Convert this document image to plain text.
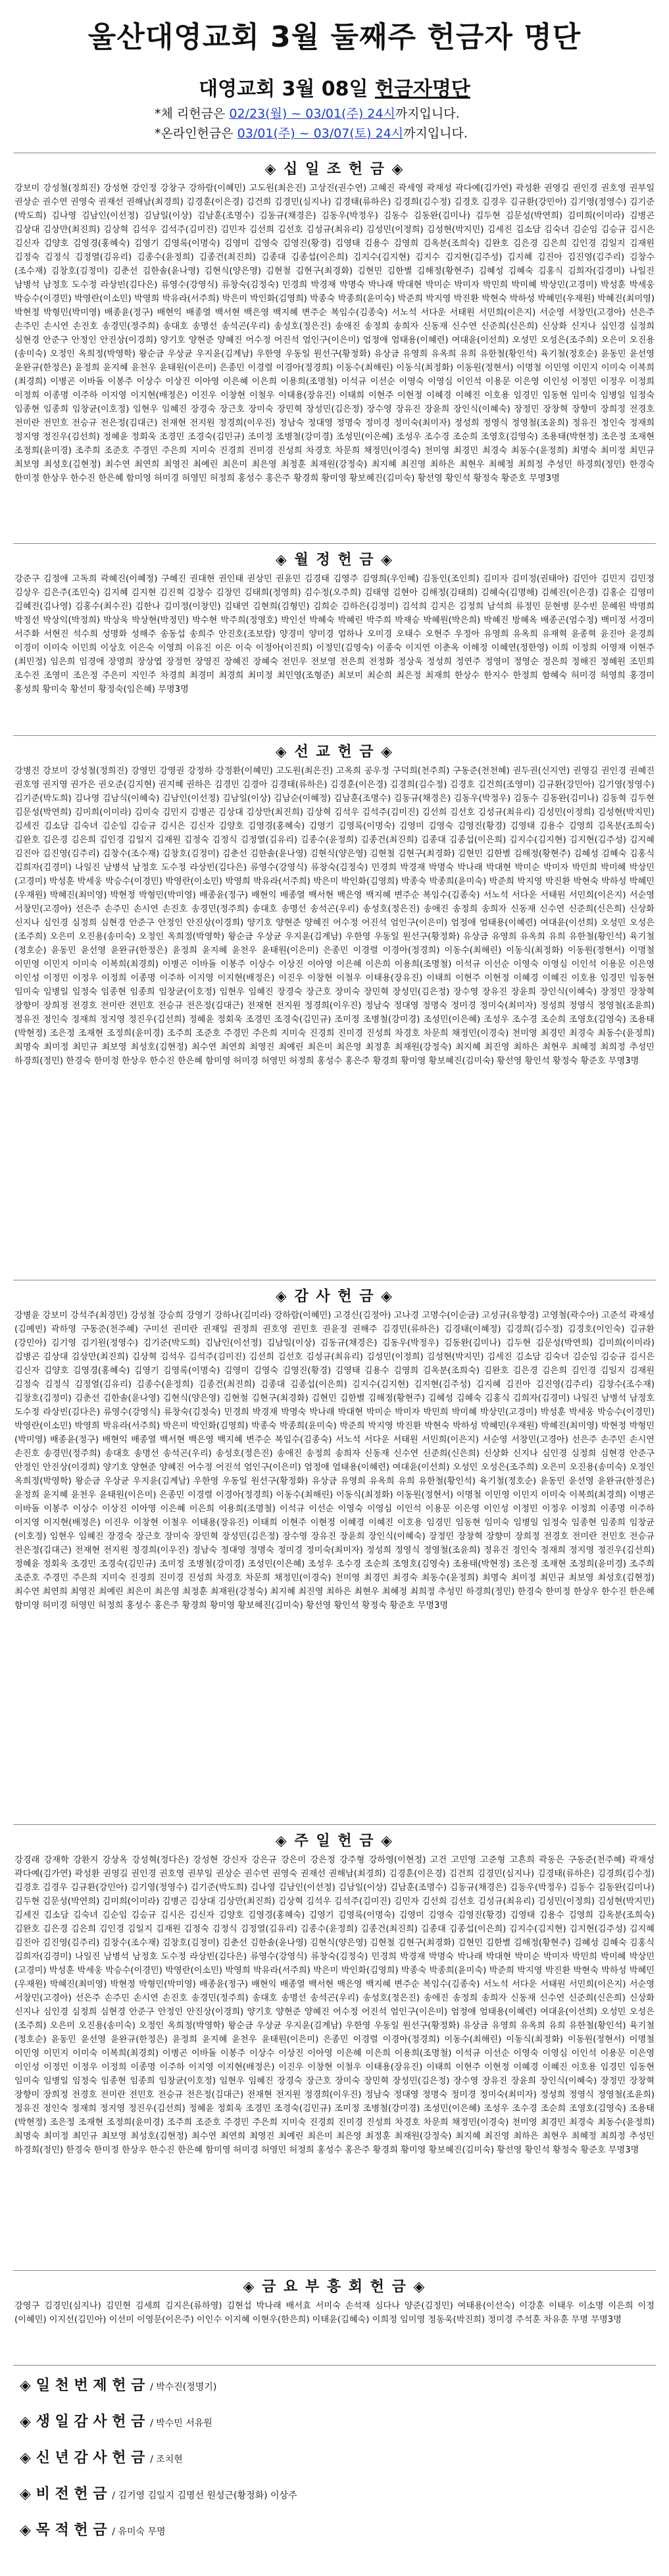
울산대영교회 3월 둘째주 헌금자 명단
대영교회 3월 08일 헌금자명단
*체 리헌금은 02/23(월) ~ 03/01(주) 24시까지입니다.
*온라인헌금은 03/01(주) ~ 03/07(토) 24시까지입니다.
◈ 십 일 조 헌 금 ◈
강보미 강성철(정희진) 강성현 강인정 강창구 강하람(이혜민) 고도원(최은진) 고상진(권수연) 고혜진 곽세영 곽재성 곽다예(김가연) 곽성환 권영길 권인경 권호영 권부일 권상순 권수연 권영숙 권재선 권해남(최경희) 김경훈(이은경) 김건희 김경민(심지나) 김경태(류하은) 김경희(김수정) 김경호 김경우 김규환(강민아) 김기영(정영수) 김기준(박도희) 김나영 김남인(이선정) 김남일(이상) 김남훈(조명수) 김동규(채경은) 김동우(박정우) 김동수 김동완(김미나) 김두현 김문성(박연희) 김미희(이미라) 김병곤 김상대 김상만(최진희) 김상혁 김석우 김석주(김미진) 김민자 김선희 김선호 김성규(최유리) 김성민(이정희) 김성현(박지민) 김세진 김소담 김숙녀 김순임 김승규 김시은 김신자 김양호 김영경(홍혜숙) 김영기 김영록(이명숙) 김영미 김영숙 김영진(황경) 김영태 김용수 김영희 김옥분(조희숙) 김완호 김은경 김은희 김인경 김일지 김재원 김정숙 김정식 김정열(김유리) 김종수(윤정희) 김종건(최진희) 김종대 김종섭(이은희) 김지수(김지현) 김지수 김지현(김주성) 김지혜 김진아 김진영(김주리) 김창수(조수재) 김창호(김정미) 김춘선 김한솔(윤나영) 김현식(양은영) 김현철 김현구(최경화) 김현민 김한별 김해정(황현주) 김혜성 김혜숙 김홍식 김희자(김경미) 나일진 남병석 남정호 도수정 라상빈(김다은) 류영수(강영식) 류창숙(김정숙) 민경희 박경재 박명숙 박나래 박대현 박미순 박미자 박민희 박미혜 박상민(고경미) 박성훈 박세웅 박승수(이경민) 박영란(이소민) 박영희 박유라(서주희) 박은미 박인화(김영희) 박종숙 박종희(윤미숙) 박준희 박지영 박진환 박현숙 박하성 박혜민(우재원) 박혜진(최미영) 박현정 박형민(박미영) 배종윤(정구) 배현익 배종열 백서현 백은영 백지혜 변주순 복임수(김종숙) 서노석 서다운 서태원 서민희(이은지) 서순영 서창민(고경아) 선은주 손주민 손시연 손진호 송경민(정주희) 송대호 송명선 송석곤(우리) 송성호(정은진) 송애진 송정희 송희자 신동재 신수연 신준희(신은희) 신상화 신지나 심인경 심정희 심현경 안준구 안정인 안진상(이경희) 양기호 양현준 양혜진 어수정 어진석 엄인구(이은미) 엄정애 엄태용(이혜련) 여대윤(이선희) 오성민 오성은(조주희) 오은미 오진용(송미숙) 오정인 옥희정(박영학) 왕순금 우상균 우지윤(김계남) 우한영 우동일 원선구(황정화) 유상금 유영희 유옥희 유희 유한철(황인석) 육기철(정호순) 윤동민 윤선영 윤완규(한정은) 윤정희 윤지혜 윤천우 윤태원(이은미) 은종민 이경렬 이경아(정경희) 이동수(최해린) 이동식(최정화) 이동원(정현서) 이명철 이민영 이민지 이미숙 이복희(최경희) 이병곤 이바돌 이봉주 이상수 이상진 이아영 이은혜 이은희 이용희(조명철) 이석규 이선순 이영숙 이영심 이인석 이용문 이은영 이인성 이정민 이정우 이정희 이정희 이종명 이주하 이지영 이지현(배정은) 이진우 이창현 이철우 이태용(장유진) 이태희 이현주 이현정 이혜경 이혜진 이호용 임경민 임동현 임미숙 임병일 임정숙 임종현 임종희 임창균(이호정) 임현우 임혜진 장경숙 장근호 장미숙 장민혁 장성민(김은정) 장수영 장유진 장윤희 장인식(이혜숙) 장정민 장창혁 장향미 장희정 전경호 전미란 전민호 전승규 전은정(김대근) 전재현 전지원 정경희(이우진) 정남숙 정대영 정명숙 정미경 정미숙(최미자) 정성희 정영식 정영철(조윤희) 정유진 정인숙 정재희 정지영 정진우(김선희) 정혜윤 정회욱 조경민 조경숙(김민규) 조미정 조병철(강미경) 조성민(이은혜) 조성우 조수경 조순희 조영호(김영숙) 조용태(박현정) 조은정 조재현 조정희(윤미경) 조주희 조준호 주경민 주은희 지미숙 진경희 진미경 진성희 차경호 차문희 채정민(이경숙) 천미영 최경민 최경숙 최동수(윤정희) 최명숙 최미정 최민규 최보영 최성호(김현정) 최수연 최연희 최영진 최예린 최은미 최은영 최정훈 최재원(강정숙) 최지혜 최진영 최하은 최현우 최혜정 최희정 추성민 하경희(정민) 한경숙 한미정 한상우 한수진 한은혜 함미영 허미경 허영민 허정희 홍성수 홍은주 황경희 황미영 황보혜진(김미숙) 황선영 황인석 황정숙 황준호 무명3명
◈ 월 정 헌 금 ◈
강준구 김정애 고독희 곽혜진(이혜정) 구혜진 권대현 권인태 권상민 권윤민 김경태 김영주 김영희(우인혜) 김동인(조인희) 김미자 김미정(권태아) 김민아 김민지 김민정 김상우 김은주(조민숙) 김지혜 김지현 김진혁 김창수 김창민 김태희(정영희) 김수정(오주희) 김태영 김현아 김해정(김태희) 김혜숙(김명해) 김혜진(이은경) 김홍순 김영미 김혜진(김나영) 김홍수(최수진) 김한나 김미정(이창민) 김태연 김현희(김형민) 김희순 김하은(김정미) 김석희 김지은 김정희 남석희 류정민 문현병 문수빈 문혜원 박명희 박정선 박상익(박정희) 박상욱 박상현(박정민) 박수현 박주희(정영호) 박인선 박혜숙 박혜린 박주희 박재승 박혜원(박은희) 박혜진 방혜옥 배종곤(엄수정) 백미정 서경미 서주화 서현진 석수희 성명화 성해주 송동섭 송희주 안진호(조보람) 양경미 양미경 엄하나 오미경 오태수 오현주 우정아 유영희 유옥희 유재혁 윤종혁 윤진아 윤경희 이경미 이미숙 이민희 이상호 이은숙 이영희 이유진 이은 이숙 이정아(이진희) 이정민(김영숙) 이종숙 이지연 이춘옥 이해정 이혜연(정한영) 이희 이정희 이영재 이현주(최민정) 임은희 임경애 장명희 장상엽 장정헌 장영진 장혜진 장혜숙 전민우 전보영 전은희 전정화 정상욱 정성희 정연주 정영미 정영순 정은희 정해진 정혜원 조민희 조수진 조영미 조은정 주은미 지인주 차경희 최경미 최경희 최미정 최민영(조형준) 최보미 최순희 최은정 최재희 한상수 한지수 한정희 함혜숙 허미경 허영희 홍경미 홍성희 황미숙 황선미 황정숙(임은혜) 무명3명
◈ 선 교 헌 금 ◈
강병진 강보미 강성철(정희진) 강영민 강영권 강정하 강정환(이혜민) 고도원(최은진) 고옥희 공우정 구덕희(천주희) 구동준(천천혜) 권두권(신지연) 권영길 권인경 권혜진 권호영 권지영 권가은 권오준(김지현) 권지혜 권하은 김경민 김경아 김경태(류하은) 김경훈(이은경) 김경희(김수정) 김경호 김건희(조영미) 김규환(강민아) 김기영(정영수) 김기준(박도희) 김나영 김남식(이혜숙) 김남인(이선정) 김남일(이상) 김남순(이혜정) 김남훈(조명수) 김동규(채경은) 김동우(박정우) 김동수 김동완(김미나) 김동혁 김두현 김문성(박연희) 김미희(이미라) 김미숙 김민지 김병곤 김상대 김상만(최진희) 김상혁 김석우 김석주(김미진) 김선희 김선호 김성규(최유리) 김성민(이정희) 김성현(박지민) 김세진 김소담 김숙녀 김순임 김승규 김시은 김신자 김양호 김영경(홍혜숙) 김영기 김영록(이명숙) 김영미 김영숙 김영진(황경) 김영태 김용수 김영희 김옥분(조희숙) 김완호 김은경 김은희 김인경 김일지 김재원 김정숙 김정식 김정열(김유리) 김종수(윤정희) 김종건(최진희) 김종대 김종섭(이은희) 김지수(김지현) 김지현(김주성) 김지혜 김진아 김진영(김주리) 김창수(조수재) 김창호(김정미) 김춘선 김한솔(윤나영) 김현식(양은영) 김현철 김현구(최경화) 김현민 김한별 김해정(황현주) 김혜성 김혜숙 김홍식 김희자(김경미) 나일진 남병석 남정호 도수정 라상빈(김다은) 류영수(강영식) 류창숙(김정숙) 민경희 박경재 박명숙 박나래 박대현 박미순 박미자 박민희 박미혜 박상민(고경미) 박성훈 박세웅 박승수(이경민) 박영란(이소민) 박영희 박유라(서주희) 박은미 박인화(김영희) 박종숙 박종희(윤미숙) 박준희 박지영 박진환 박현숙 박하성 박혜민(우재원) 박혜진(최미영) 박현정 박형민(박미영) 배종윤(정구) 배현익 배종열 백서현 백은영 백지혜 변주순 복임수(김종숙) 서노석 서다운 서태원 서민희(이은지) 서순영 서창민(고경아) 선은주 손주민 손시연 손진호 송경민(정주희) 송대호 송명선 송석곤(우리) 송성호(정은진) 송애진 송정희 송희자 신동재 신수연 신준희(신은희) 신상화 신지나 심인경 심정희 심현경 안준구 안정인 안진상(이경희) 양기호 양현준 양혜진 어수정 어진석 엄인구(이은미) 엄정애 엄태용(이혜련) 여대윤(이선희) 오성민 오성은(조주희) 오은미 오진용(송미숙) 오정인 옥희정(박영학) 왕순금 우상균 우지윤(김계남) 우한영 우동일 원선구(황정화) 유상금 유영희 유옥희 유희 유한철(황인석) 육기철(정호순) 윤동민 윤선영 윤완규(한정은) 윤정희 윤지혜 윤천우 윤태원(이은미) 은종민 이경렬 이경아(정경희) 이동수(최해린) 이동식(최정화) 이동원(정현서) 이명철 이민영 이민지 이미숙 이복희(최경희) 이병곤 이바돌 이봉주 이상수 이상진 이아영 이은혜 이은희 이용희(조명철) 이석규 이선순 이영숙 이영심 이인석 이용문 이은영 이인성 이정민 이정우 이정희 이종명 이주하 이지영 이지현(배정은) 이진우 이창현 이철우 이태용(장유진) 이태희 이현주 이현정 이혜경 이혜진 이호용 임경민 임동현 임미숙 임병일 임정숙 임종현 임종희 임창균(이호정) 임현우 임혜진 장경숙 장근호 장미숙 장민혁 장성민(김은정) 장수영 장유진 장윤희 장인식(이혜숙) 장정민 장창혁 장향미 장희정 전경호 전미란 전민호 전승규 전은정(김대근) 전재현 전지원 정경희(이우진) 정남숙 정대영 정명숙 정미경 정미숙(최미자) 정성희 정영식 정영철(조윤희) 정유진 정인숙 정재희 정지영 정진우(김선희) 정혜윤 정회욱 조경민 조경숙(김민규) 조미정 조병철(강미경) 조성민(이은혜) 조성우 조수경 조순희 조영호(김영숙) 조용태(박현정) 조은정 조재현 조정희(윤미경) 조주희 조준호 주경민 주은희 지미숙 진경희 진미경 진성희 차경호 차문희 채정민(이경숙) 천미영 최경민 최경숙 최동수(윤정희) 최명숙 최미정 최민규 최보영 최성호(김현정) 최수연 최연희 최영진 최예린 최은미 최은영 최정훈 최재원(강정숙) 최지혜 최진영 최하은 최현우 최혜정 최희정 추성민 하경희(정민) 한경숙 한미정 한상우 한수진 한은혜 함미영 허미경 허영민 허정희 홍성수 홍은주 황경희 황미영 황보혜진(김미숙) 황선영 황인석 황정숙 황준호 무명3명
◈ 감 사 헌 금 ◈
강병윤 강보미 강석주(최경민) 강성철 강승희 강영기 강하나(김미라) 강하람(이혜민) 고경신(김정아) 고나경 고명수(이순금) 고성규(유향경) 고영철(곽수아) 고준석 곽재성(김예빈) 곽하영 구동준(천주혜) 구미선 권미란 권재일 권정희 권호영 권민호 권윤정 권해주 김경민(류하은) 김경태(이혜정) 김경희(김수정) 김경호(이인숙) 김규환(강민아) 김기영 김기원(정영수) 김기준(박도희) 김남인(이선정) 김남일(이상) 김동규(채경은) 김동우(박정우) 김동완(김미나) 김두현 김문성(박연희) 김미희(이미라) 김병곤 김상대 김상만(최진희) 김상혁 김석우 김석주(김미진) 김선희 김선호 김성규(최유리) 김성민(이정희) 김성현(박지민) 김세진 김소담 김숙녀 김순임 김승규 김시은 김신자 김양호 김영경(홍혜숙) 김영기 김영록(이명숙) 김영미 김영숙 김영진(황경) 김영태 김용수 김영희 김옥분(조희숙) 김완호 김은경 김은희 김인경 김일지 김재원 김정숙 김정식 김정열(김유리) 김종수(윤정희) 김종건(최진희) 김종대 김종섭(이은희) 김지수(김지현) 김지현(김주성) 김지혜 김진아 김진영(김주리) 김창수(조수재) 김창호(김정미) 김춘선 김한솔(윤나영) 김현식(양은영) 김현철 김현구(최경화) 김현민 김한별 김해정(황현주) 김혜성 김혜숙 김홍식 김희자(김경미) 나일진 남병석 남정호 도수정 라상빈(김다은) 류영수(강영식) 류창숙(김정숙) 민경희 박경재 박명숙 박나래 박대현 박미순 박미자 박민희 박미혜 박상민(고경미) 박성훈 박세웅 박승수(이경민) 박영란(이소민) 박영희 박유라(서주희) 박은미 박인화(김영희) 박종숙 박종희(윤미숙) 박준희 박지영 박진환 박현숙 박하성 박혜민(우재원) 박혜진(최미영) 박현정 박형민(박미영) 배종윤(정구) 배현익 배종열 백서현 백은영 백지혜 변주순 복임수(김종숙) 서노석 서다운 서태원 서민희(이은지) 서순영 서창민(고경아) 선은주 손주민 손시연 손진호 송경민(정주희) 송대호 송명선 송석곤(우리) 송성호(정은진) 송애진 송정희 송희자 신동재 신수연 신준희(신은희) 신상화 신지나 심인경 심정희 심현경 안준구 안정인 안진상(이경희) 양기호 양현준 양혜진 어수정 어진석 엄인구(이은미) 엄정애 엄태용(이혜련) 여대윤(이선희) 오성민 오성은(조주희) 오은미 오진용(송미숙) 오정인 옥희정(박영학) 왕순금 우상균 우지윤(김계남) 우한영 우동일 원선구(황정화) 유상금 유영희 유옥희 유희 유한철(황인석) 육기철(정호순) 윤동민 윤선영 윤완규(한정은) 윤정희 윤지혜 윤천우 윤태원(이은미) 은종민 이경렬 이경아(정경희) 이동수(최해린) 이동식(최정화) 이동원(정현서) 이명철 이민영 이민지 이미숙 이복희(최경희) 이병곤 이바돌 이봉주 이상수 이상진 이아영 이은혜 이은희 이용희(조명철) 이석규 이선순 이영숙 이영심 이인석 이용문 이은영 이인성 이정민 이정우 이정희 이종명 이주하 이지영 이지현(배정은) 이진우 이창현 이철우 이태용(장유진) 이태희 이현주 이현정 이혜경 이혜진 이호용 임경민 임동현 임미숙 임병일 임정숙 임종현 임종희 임창균(이호정) 임현우 임혜진 장경숙 장근호 장미숙 장민혁 장성민(김은정) 장수영 장유진 장윤희 장인식(이혜숙) 장정민 장창혁 장향미 장희정 전경호 전미란 전민호 전승규 전은정(김대근) 전재현 전지원 정경희(이우진) 정남숙 정대영 정명숙 정미경 정미숙(최미자) 정성희 정영식 정영철(조윤희) 정유진 정인숙 정재희 정지영 정진우(김선희) 정혜윤 정회욱 조경민 조경숙(김민규) 조미정 조병철(강미경) 조성민(이은혜) 조성우 조수경 조순희 조영호(김영숙) 조용태(박현정) 조은정 조재현 조정희(윤미경) 조주희 조준호 주경민 주은희 지미숙 진경희 진미경 진성희 차경호 차문희 채정민(이경숙) 천미영 최경민 최경숙 최동수(윤정희) 최명숙 최미정 최민규 최보영 최성호(김현정) 최수연 최연희 최영진 최예린 최은미 최은영 최정훈 최재원(강정숙) 최지혜 최진영 최하은 최현우 최혜정 최희정 추성민 하경희(정민) 한경숙 한미정 한상우 한수진 한은혜 함미영 허미경 허영민 허정희 홍성수 홍은주 황경희 황미영 황보혜진(김미숙) 황선영 황인석 황정숙 황준호 무명3명
◈ 주 일 헌 금 ◈
강경래 강재학 강환지 강상옥 강성혁(정다은) 강성현 강신자 강은규 강은미 강은정 강주형 강하영(이현정) 고건 고민영 고준형 고흔희 곽동은 구동준(천주혜) 곽재성 곽다예(김가연) 곽성환 권영길 권인경 권호영 권부일 권상순 권수연 권영숙 권재선 권해남(최경희) 김경훈(이은경) 김건희 김경민(심지나) 김경태(류하은) 김경희(김수정) 김경호 김경우 김규환(강민아) 김기영(정영수) 김기준(박도희) 김나영 김남인(이선정) 김남일(이상) 김남훈(조명수) 김동규(채경은) 김동우(박정우) 김동수 김동완(김미나) 김두현 김문성(박연희) 김미희(이미라) 김병곤 김상대 김상만(최진희) 김상혁 김석우 김석주(김미진) 김민자 김선희 김선호 김성규(최유리) 김성민(이정희) 김성현(박지민) 김세진 김소담 김숙녀 김순임 김승규 김시은 김신자 김양호 김영경(홍혜숙) 김영기 김영록(이명숙) 김영미 김영숙 김영진(황경) 김영태 김용수 김영희 김옥분(조희숙) 김완호 김은경 김은희 김인경 김일지 김재원 김정숙 김정식 김정열(김유리) 김종수(윤정희) 김종건(최진희) 김종대 김종섭(이은희) 김지수(김지현) 김지현(김주성) 김지혜 김진아 김진영(김주리) 김창수(조수재) 김창호(김정미) 김춘선 김한솔(윤나영) 김현식(양은영) 김현철 김현구(최경화) 김현민 김한별 김해정(황현주) 김혜성 김혜숙 김홍식 김희자(김경미) 나일진 남병석 남정호 도수정 라상빈(김다은) 류영수(강영식) 류창숙(김정숙) 민경희 박경재 박명숙 박나래 박대현 박미순 박미자 박민희 박미혜 박상민(고경미) 박성훈 박세웅 박승수(이경민) 박영란(이소민) 박영희 박유라(서주희) 박은미 박인화(김영희) 박종숙 박종희(윤미숙) 박준희 박지영 박진환 박현숙 박하성 박혜민(우재원) 박혜진(최미영) 박현정 박형민(박미영) 배종윤(정구) 배현익 배종열 백서현 백은영 백지혜 변주순 복임수(김종숙) 서노석 서다운 서태원 서민희(이은지) 서순영 서창민(고경아) 선은주 손주민 손시연 손진호 송경민(정주희) 송대호 송명선 송석곤(우리) 송성호(정은진) 송애진 송정희 송희자 신동재 신수연 신준희(신은희) 신상화 신지나 심인경 심정희 심현경 안준구 안정인 안진상(이경희) 양기호 양현준 양혜진 어수정 어진석 엄인구(이은미) 엄정애 엄태용(이혜련) 여대윤(이선희) 오성민 오성은(조주희) 오은미 오진용(송미숙) 오정인 옥희정(박영학) 왕순금 우상균 우지윤(김계남) 우한영 우동일 원선구(황정화) 유상금 유영희 유옥희 유희 유한철(황인석) 육기철(정호순) 윤동민 윤선영 윤완규(한정은) 윤정희 윤지혜 윤천우 윤태원(이은미) 은종민 이경렬 이경아(정경희) 이동수(최해린) 이동식(최정화) 이동원(정현서) 이명철 이민영 이민지 이미숙 이복희(최경희) 이병곤 이바돌 이봉주 이상수 이상진 이아영 이은혜 이은희 이용희(조명철) 이석규 이선순 이영숙 이영심 이인석 이용문 이은영 이인성 이정민 이정우 이정희 이종명 이주하 이지영 이지현(배정은) 이진우 이창현 이철우 이태용(장유진) 이태희 이현주 이현정 이혜경 이혜진 이호용 임경민 임동현 임미숙 임병일 임정숙 임종현 임종희 임창균(이호정) 임현우 임혜진 장경숙 장근호 장미숙 장민혁 장성민(김은정) 장수영 장유진 장윤희 장인식(이혜숙) 장정민 장창혁 장향미 장희정 전경호 전미란 전민호 전승규 전은정(김대근) 전재현 전지원 정경희(이우진) 정남숙 정대영 정명숙 정미경 정미숙(최미자) 정성희 정영식 정영철(조윤희) 정유진 정인숙 정재희 정지영 정진우(김선희) 정혜윤 정회욱 조경민 조경숙(김민규) 조미정 조병철(강미경) 조성민(이은혜) 조성우 조수경 조순희 조영호(김영숙) 조용태(박현정) 조은정 조재현 조정희(윤미경) 조주희 조준호 주경민 주은희 지미숙 진경희 진미경 진성희 차경호 차문희 채정민(이경숙) 천미영 최경민 최경숙 최동수(윤정희) 최명숙 최미정 최민규 최보영 최성호(김현정) 최수연 최연희 최영진 최예린 최은미 최은영 최정훈 최재원(강정숙) 최지혜 최진영 최하은 최현우 최혜정 최희정 추성민 하경희(정민) 한경숙 한미정 한상우 한수진 한은혜 함미영 허미경 허영민 허정희 홍성수 홍은주 황경희 황미영 황보혜진(김미숙) 황선영 황인석 황정숙 황준호 무명3명
◈ 금 요 부 흥 회 헌 금 ◈
강영구 김경민(심지나) 김민현 김세희 김지은(류하영) 김현섭 박나래 배서효 서미숙 손석재 심다나 양준(김정민) 여태용(이선숙) 이강훈 이태우 이소명 이은희 이정(이혜민) 이지선(김민아) 이선미 이영문(이은주) 이인수 이지혜 이현우(한은희) 이태윤(김혜숙) 이희정 임미영 정동욱(박진희) 정미경 주석훈 차유훈 무명 무명3명
◈ 일 천 번 제 헌 금 / 박수진(정명기)
◈ 생 일 감 사 헌 금 / 박수민 서유원
◈ 신 년 감 사 헌 금 / 조치현
◈ 비 전 헌 금 / 김기영 김일지 김명선 원성근(황정화) 이상주
◈ 목 적 헌 금 / 유미숙 무명
